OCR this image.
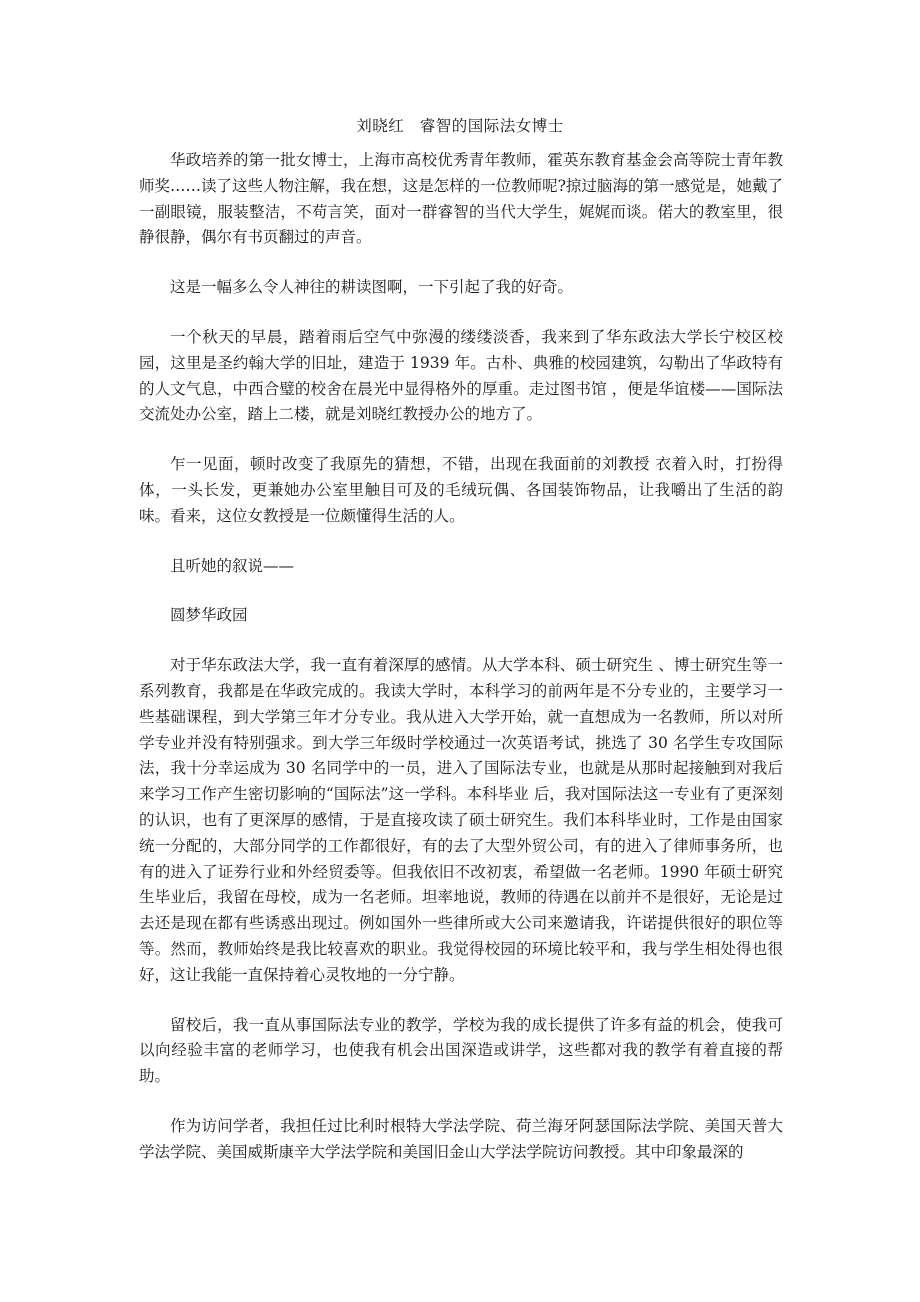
刘晓红 睿智的国际法女博士

华政培养的第一批女博士，上海市高校优秀青年教师，霍英东教育基金会高等院士青年教师奖……读了这些人物注解，我在想，这是怎样的一位教师呢?掠过脑海的第一感觉是，她戴了一副眼镜，服装整洁，不苟言笑，面对一群睿智的当代大学生，娓娓而谈。偌大的教室里，很静很静，偶尔有书页翻过的声音。

这是一幅多么令人神往的耕读图啊，一下引起了我的好奇。

一个秋天的早晨，踏着雨后空气中弥漫的缕缕淡香，我来到了华东政法大学长宁校区校园，这里是圣约翰大学的旧址，建造于 1939 年。古朴、典雅的校园建筑，勾勒出了华政特有的人文气息，中西合璧的校舍在晨光中显得格外的厚重。走过图书馆 ，便是华谊楼——国际法交流处办公室，踏上二楼，就是刘晓红教授办公的地方了。

乍一见面，顿时改变了我原先的猜想，不错，出现在我面前的刘教授 衣着入时，打扮得体，一头长发，更兼她办公室里触目可及的毛绒玩偶、各国装饰物品，让我嚼出了生活的韵味。看来，这位女教授是一位颇懂得生活的人。

且听她的叙说——

圆梦华政园

对于华东政法大学，我一直有着深厚的感情。从大学本科、硕士研究生 、博士研究生等一系列教育，我都是在华政完成的。我读大学时，本科学习的前两年是不分专业的，主要学习一些基础课程，到大学第三年才分专业。我从进入大学开始，就一直想成为一名教师，所以对所学专业并没有特别强求。到大学三年级时学校通过一次英语考试，挑选了 30 名学生专攻国际法，我十分幸运成为 30 名同学中的一员，进入了国际法专业，也就是从那时起接触到对我后来学习工作产生密切影响的“国际法”这一学科。本科毕业 后，我对国际法这一专业有了更深刻的认识，也有了更深厚的感情，于是直接攻读了硕士研究生。我们本科毕业时，工作是由国家统一分配的，大部分同学的工作都很好，有的去了大型外贸公司，有的进入了律师事务所，也有的进入了证券行业和外经贸委等。但我依旧不改初衷，希望做一名老师。1990 年硕士研究生毕业后，我留在母校，成为一名老师。坦率地说，教师的待遇在以前并不是很好，无论是过去还是现在都有些诱惑出现过。例如国外一些律所或大公司来邀请我，许诺提供很好的职位等等。然而，教师始终是我比较喜欢的职业。我觉得校园的环境比较平和，我与学生相处得也很好，这让我能一直保持着心灵牧地的一分宁静。

留校后，我一直从事国际法专业的教学，学校为我的成长提供了许多有益的机会，使我可以向经验丰富的老师学习，也使我有机会出国深造或讲学，这些都对我的教学有着直接的帮助。

作为访问学者，我担任过比利时根特大学法学院、荷兰海牙阿瑟国际法学院、美国天普大学法学院、美国威斯康辛大学法学院和美国旧金山大学法学院访问教授。其中印象最深的
